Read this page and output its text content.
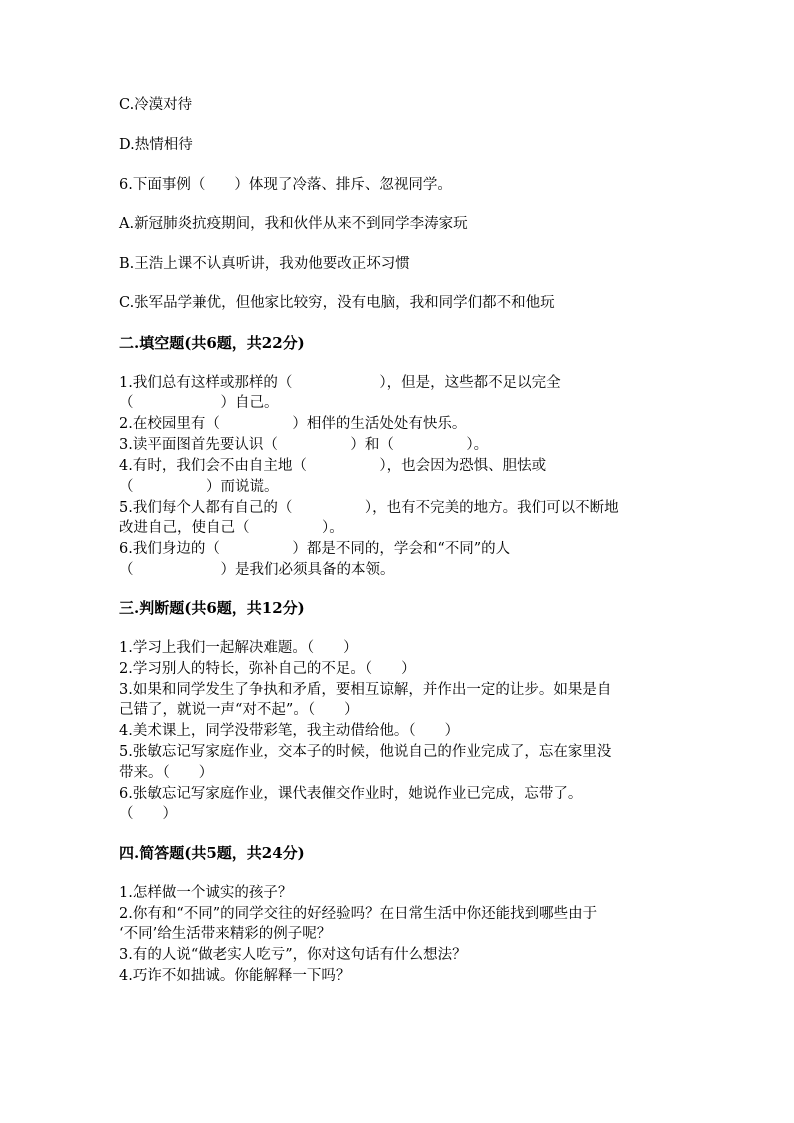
C.冷漠对待
D.热情相待
6.下面事例（　　）体现了冷落、排斥、忽视同学。
A.新冠肺炎抗疫期间，我和伙伴从来不到同学李涛家玩
B.王浩上课不认真听讲，我劝他要改正坏习惯
C.张军品学兼优，但他家比较穷，没有电脑，我和同学们都不和他玩
二.填空题(共6题，共22分)
1.我们总有这样或那样的（　　　　　　），但是，这些都不足以完全
（　　　　　　）自己。
2.在校园里有（　　　　　）相伴的生活处处有快乐。
3.读平面图首先要认识（　　　　　）和（　　　　　）。
4.有时，我们会不由自主地（　　　　　），也会因为恐惧、胆怯或
（　　　　　）而说谎。
5.我们每个人都有自己的（　　　　　），也有不完美的地方。我们可以不断地
改进自己，使自己（　　　　　）。
6.我们身边的（　　　　　）都是不同的，学会和“不同”的人
（　　　　　　）是我们必须具备的本领。
三.判断题(共6题，共12分)
1.学习上我们一起解决难题。（　　）
2.学习别人的特长，弥补自己的不足。（　　）
3.如果和同学发生了争执和矛盾，要相互谅解，并作出一定的让步。如果是自
己错了，就说一声“对不起”。（　　）
4.美术课上，同学没带彩笔，我主动借给他。（　　）
5.张敏忘记写家庭作业，交本子的时候，他说自己的作业完成了，忘在家里没
带来。（　　）
6.张敏忘记写家庭作业，课代表催交作业时，她说作业已完成，忘带了。
（　　）
四.简答题(共5题，共24分)
1.怎样做一个诚实的孩子？
2.你有和“不同”的同学交往的好经验吗？在日常生活中你还能找到哪些由于
‘不同’给生活带来精彩的例子呢？
3.有的人说“做老实人吃亏”，你对这句话有什么想法？
4.巧诈不如拙诚。你能解释一下吗？
